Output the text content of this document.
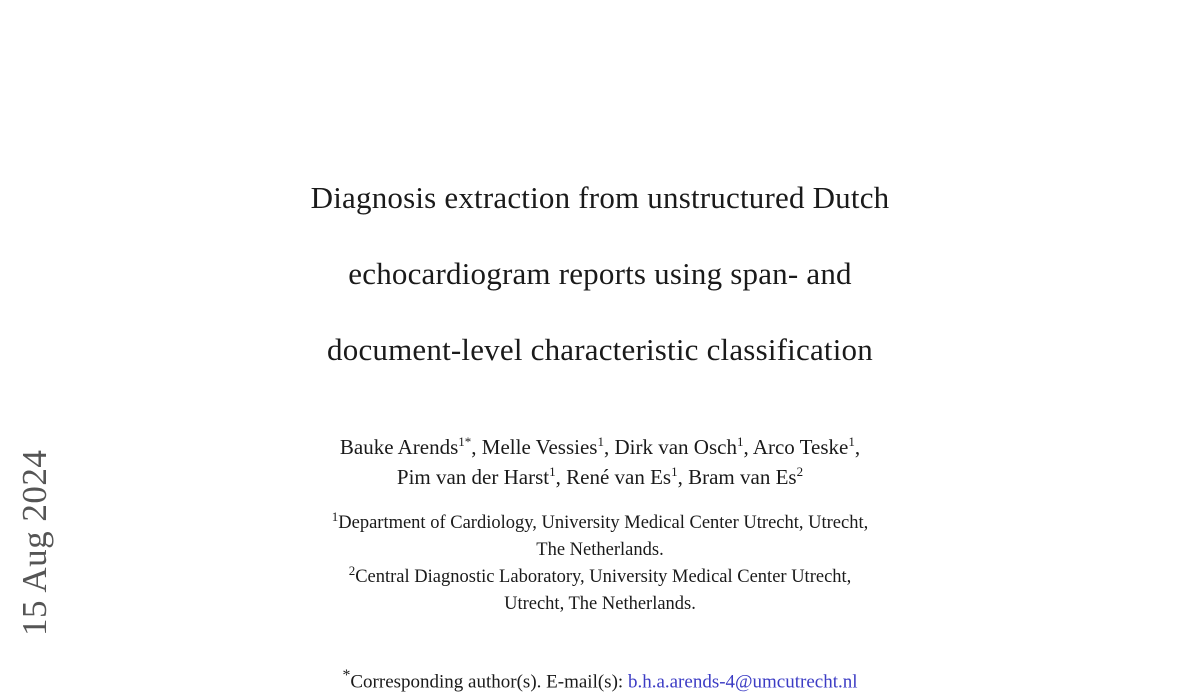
15 Aug 2024
Diagnosis extraction from unstructured Dutch
echocardiogram reports using span- and
document-level characteristic classification
Bauke Arends$^{1*}$, Melle Vessies$^1$, Dirk van Osch$^1$, Arco Teske$^1$,
Pim van der Harst$^1$, René van Es$^1$, Bram van Es$^2$
$^1$Department of Cardiology, University Medical Center Utrecht, Utrecht,
The Netherlands.
$^2$Central Diagnostic Laboratory, University Medical Center Utrecht,
Utrecht, The Netherlands.
*Corresponding author(s). E-mail(s): b.h.a.arends-4@umcutrecht.nl
